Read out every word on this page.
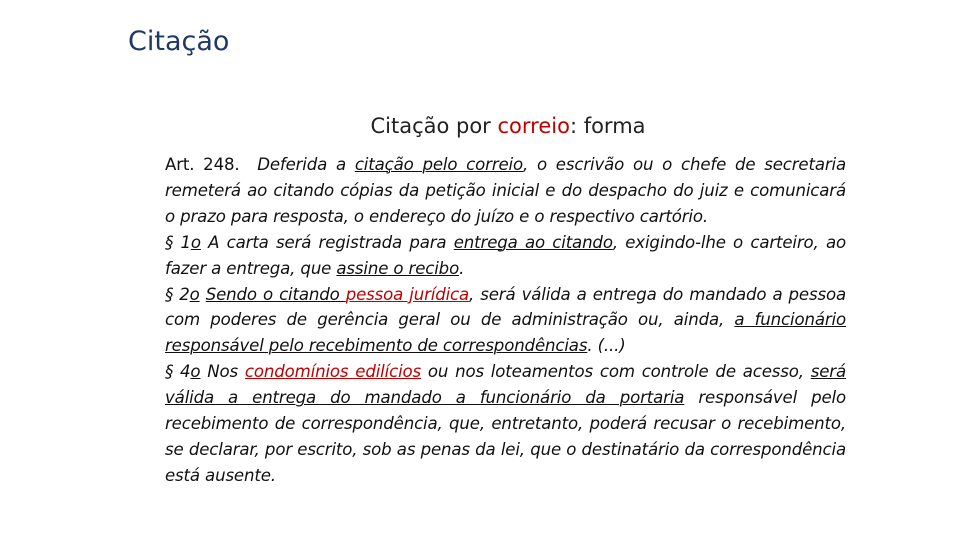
Citação
Citação por correio: forma

Art. 248. Deferida a citação pelo correio, o escrivão ou o chefe de secretaria remeterá ao citando cópias da petição inicial e do despacho do juiz e comunicará o prazo para resposta, o endereço do juízo e o respectivo cartório.

§ 1o A carta será registrada para entrega ao citando, exigindo-lhe o carteiro, ao fazer a entrega, que assine o recibo.

§ 2o Sendo o citando pessoa jurídica, será válida a entrega do mandado a pessoa com poderes de gerência geral ou de administração ou, ainda, a funcionário responsável pelo recebimento de correspondências. (...)

§ 4o Nos condomínios edilícios ou nos loteamentos com controle de acesso, será válida a entrega do mandado a funcionário da portaria responsável pelo recebimento de correspondência, que, entretanto, poderá recusar o recebimento, se declarar, por escrito, sob as penas da lei, que o destinatário da correspondência está ausente.
